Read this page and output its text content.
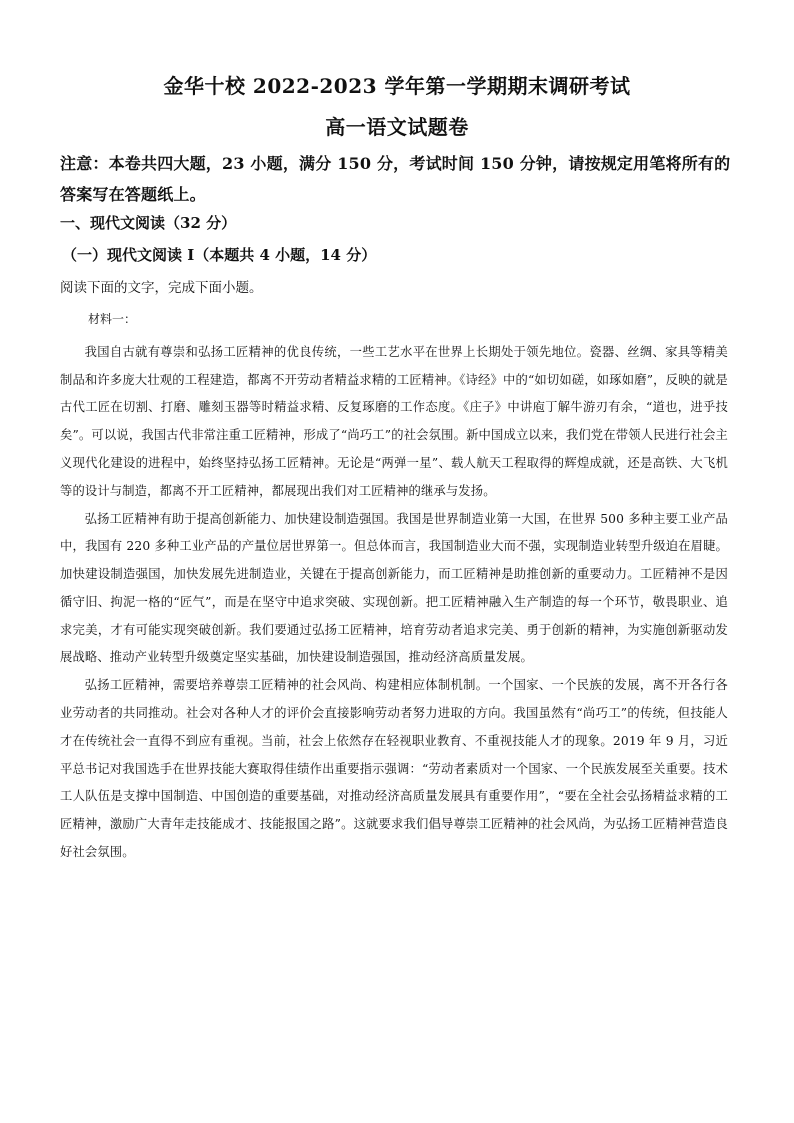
金华十校 2022-2023 学年第一学期期末调研考试
高一语文试题卷
注意：本卷共四大题，23 小题，满分 150 分，考试时间 150 分钟，请按规定用笔将所有的答案写在答题纸上。
一、现代文阅读（32 分）
（一）现代文阅读 I（本题共 4 小题，14 分）
阅读下面的文字，完成下面小题。
材料一：

我国自古就有尊崇和弘扬工匠精神的优良传统，一些工艺水平在世界上长期处于领先地位。瓷器、丝绸、家具等精美制品和许多庞大壮观的工程建造，都离不开劳动者精益求精的工匠精神。《诗经》中的“如切如磋，如琢如磨”，反映的就是古代工匠在切割、打磨、雕刻玉器等时精益求精、反复琢磨的工作态度。《庄子》中讲庖丁解牛游刃有余，“道也，进乎技矣”。可以说，我国古代非常注重工匠精神，形成了“尚巧工”的社会氛围。新中国成立以来，我们党在带领人民进行社会主义现代化建设的进程中，始终坚持弘扬工匠精神。无论是“两弹一星”、载人航天工程取得的辉煌成就，还是高铁、大飞机等的设计与制造，都离不开工匠精神，都展现出我们对工匠精神的继承与发扬。

弘扬工匠精神有助于提高创新能力、加快建设制造强国。我国是世界制造业第一大国，在世界 500 多种主要工业产品中，我国有 220 多种工业产品的产量位居世界第一。但总体而言，我国制造业大而不强，实现制造业转型升级迫在眉睫。加快建设制造强国，加快发展先进制造业，关键在于提高创新能力，而工匠精神是助推创新的重要动力。工匠精神不是因循守旧、拘泥一格的“匠气”，而是在坚守中追求突破、实现创新。把工匠精神融入生产制造的每一个环节，敬畏职业、追求完美，才有可能实现突破创新。我们要通过弘扬工匠精神，培育劳动者追求完美、勇于创新的精神，为实施创新驱动发展战略、推动产业转型升级奠定坚实基础，加快建设制造强国，推动经济高质量发展。

弘扬工匠精神，需要培养尊崇工匠精神的社会风尚、构建相应体制机制。一个国家、一个民族的发展，离不开各行各业劳动者的共同推动。社会对各种人才的评价会直接影响劳动者努力进取的方向。我国虽然有“尚巧工”的传统，但技能人才在传统社会一直得不到应有重视。当前，社会上依然存在轻视职业教育、不重视技能人才的现象。2019 年 9 月，习近平总书记对我国选手在世界技能大赛取得佳绩作出重要指示强调：“劳动者素质对一个国家、一个民族发展至关重要。技术工人队伍是支撑中国制造、中国创造的重要基础，对推动经济高质量发展具有重要作用”，“要在全社会弘扬精益求精的工匠精神，激励广大青年走技能成才、技能报国之路”。这就要求我们倡导尊崇工匠精神的社会风尚，为弘扬工匠精神营造良好社会氛围。
